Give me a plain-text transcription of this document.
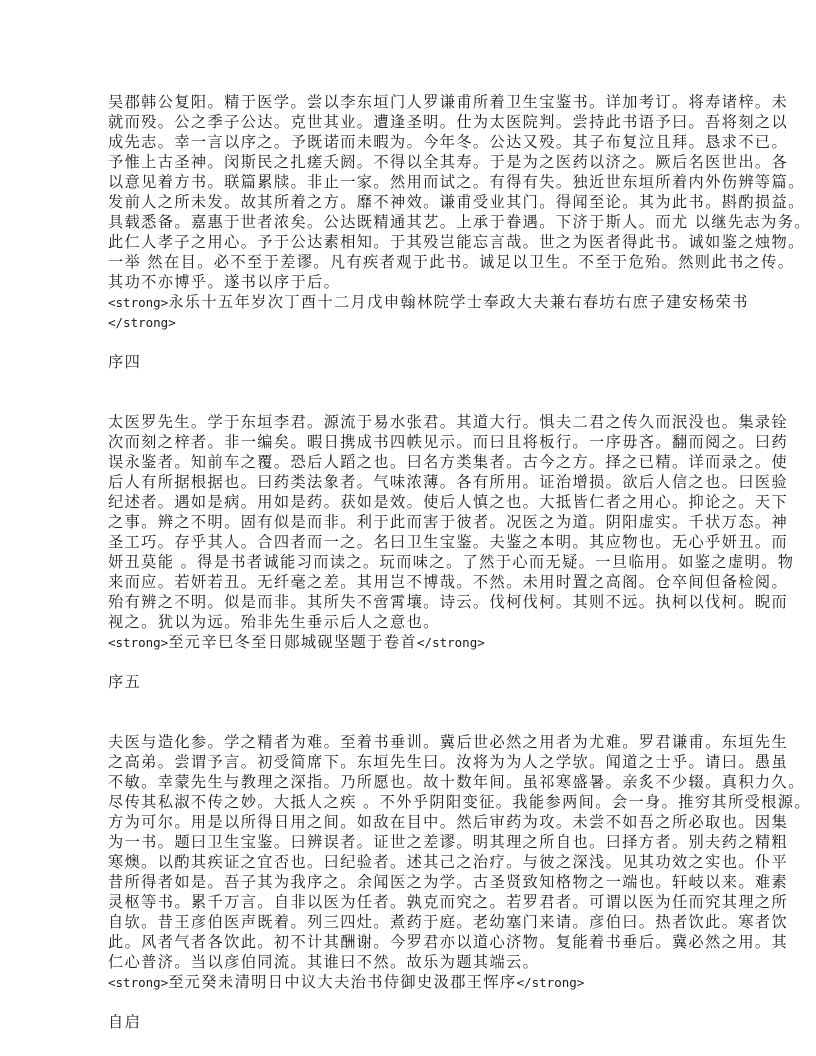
吴郡韩公复阳。精于医学。尝以李东垣门人罗谦甫所着卫生宝鉴书。详加考订。将寿诸梓。未
就而殁。公之季子公达。克世其业。遭逢圣明。仕为太医院判。尝持此书语予曰。吾将刻之以
成先志。幸一言以序之。予既诺而未暇为。今年冬。公达又殁。其子布复泣且拜。恳求不已。
予惟上古圣神。闵斯民之扎瘥夭阏。不得以全其寿。于是为之医药以济之。厥后名医世出。各
以意见着方书。联篇累牍。非止一家。然用而试之。有得有失。独近世东垣所着内外伤辨等篇。
发前人之所未发。故其所着之方。靡不神效。谦甫受业其门。得闻至论。其为此书。斟酌损益。
具载悉备。嘉惠于世者浓矣。公达既精通其艺。上承于眷遇。下济于斯人。而尤 以继先志为务。
此仁人孝子之用心。予于公达素相知。于其殁岂能忘言哉。世之为医者得此书。诚如鉴之烛物。
一举 然在目。必不至于差谬。凡有疾者观于此书。诚足以卫生。不至于危殆。然则此书之传。
其功不亦博乎。遂书以序于后。
<strong>永乐十五年岁次丁酉十二月戊申翰林院学士奉政大夫兼右春坊右庶子建安杨荣书
</strong>
序四
太医罗先生。学于东垣李君。源流于易水张君。其道大行。惧夫二君之传久而泯没也。集录铨
次而刻之梓者。非一编矣。暇日携成书四帙见示。而曰且将板行。一序毋吝。翻而阅之。曰药
误永鉴者。知前车之覆。恐后人蹈之也。曰名方类集者。古今之方。择之已精。详而录之。使
后人有所据根据也。曰药类法象者。气味浓薄。各有所用。证治增损。欲后人信之也。曰医验
纪述者。遇如是病。用如是药。获如是效。使后人慎之也。大抵皆仁者之用心。抑论之。天下
之事。辨之不明。固有似是而非。利于此而害于彼者。况医之为道。阴阳虚实。千状万态。神
圣工巧。存乎其人。合四者而一之。名曰卫生宝鉴。夫鉴之本明。其应物也。无心乎妍丑。而
妍丑莫能 。得是书者诚能习而读之。玩而味之。了然于心而无疑。一旦临用。如鉴之虚明。物
来而应。若妍若丑。无纤毫之差。其用岂不博哉。不然。未用时置之高阁。仓卒间但备检阅。
殆有辨之不明。似是而非。其所失不啻霄壤。诗云。伐柯伐柯。其则不远。执柯以伐柯。睨而
视之。犹以为远。殆非先生垂示后人之意也。
<strong>至元辛巳冬至日郧城砚坚题于卷首</strong>
序五
夫医与造化参。学之精者为难。至着书垂训。冀后世必然之用者为尤难。罗君谦甫。东垣先生
之高弟。尝谓予言。初受简席下。东垣先生曰。汝将为为人之学欤。闻道之士乎。请曰。愚虽
不敏。幸蒙先生与教理之深指。乃所愿也。故十数年间。虽祁寒盛暑。亲炙不少辍。真积力久。
尽传其私淑不传之妙。大抵人之疾 。不外乎阴阳变征。我能参两间。会一身。推穷其所受根源。
方为可尔。用是以所得日用之间。如敌在目中。然后审药为攻。未尝不如吾之所必取也。因集
为一书。题曰卫生宝鉴。曰辨误者。证世之差谬。明其理之所自也。曰择方者。别夫药之精粗
寒燠。以酌其疾证之宜否也。曰纪验者。述其己之治疗。与彼之深浅。见其功效之实也。仆平
昔所得者如是。吾子其为我序之。余闻医之为学。古圣贤致知格物之一端也。轩岐以来。难素
灵枢等书。累千万言。自非以医为任者。孰克而究之。若罗君者。可谓以医为任而究其理之所
自欤。昔王彦伯医声既着。列三四灶。煮药于庭。老幼塞门来请。彦伯曰。热者饮此。寒者饮
此。风者气者各饮此。初不计其酬谢。今罗君亦以道心济物。复能着书垂后。冀必然之用。其
仁心普济。当以彦伯同流。其谁曰不然。故乐为题其端云。
<strong>至元癸未清明日中议大夫治书侍御史汲郡王恽序</strong>
自启
